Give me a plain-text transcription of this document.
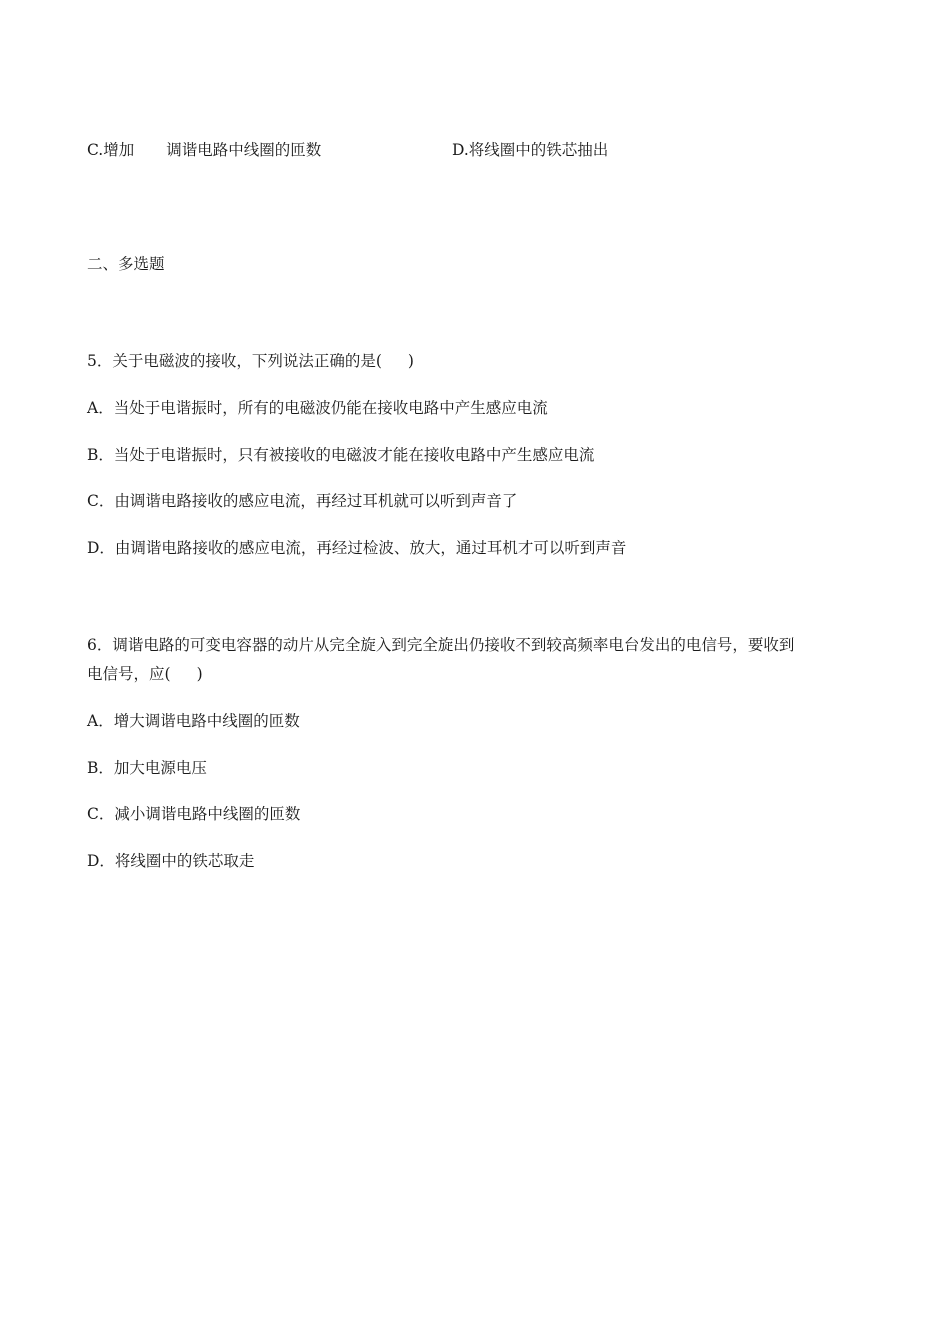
C.增加 调谐电路中线圈的匝数	D.将线圈中的铁芯抽出
二、多选题
5．关于电磁波的接收，下列说法正确的是( )
A．当处于电谐振时，所有的电磁波仍能在接收电路中产生感应电流
B．当处于电谐振时，只有被接收的电磁波才能在接收电路中产生感应电流
C．由调谐电路接收的感应电流，再经过耳机就可以听到声音了
D．由调谐电路接收的感应电流，再经过检波、放大，通过耳机才可以听到声音
6．调谐电路的可变电容器的动片从完全旋入到完全旋出仍接收不到较高频率电台发出的电信号，要收到
电信号，应( )
A．增大调谐电路中线圈的匝数
B．加大电源电压
C．减小调谐电路中线圈的匝数
D．将线圈中的铁芯取走
